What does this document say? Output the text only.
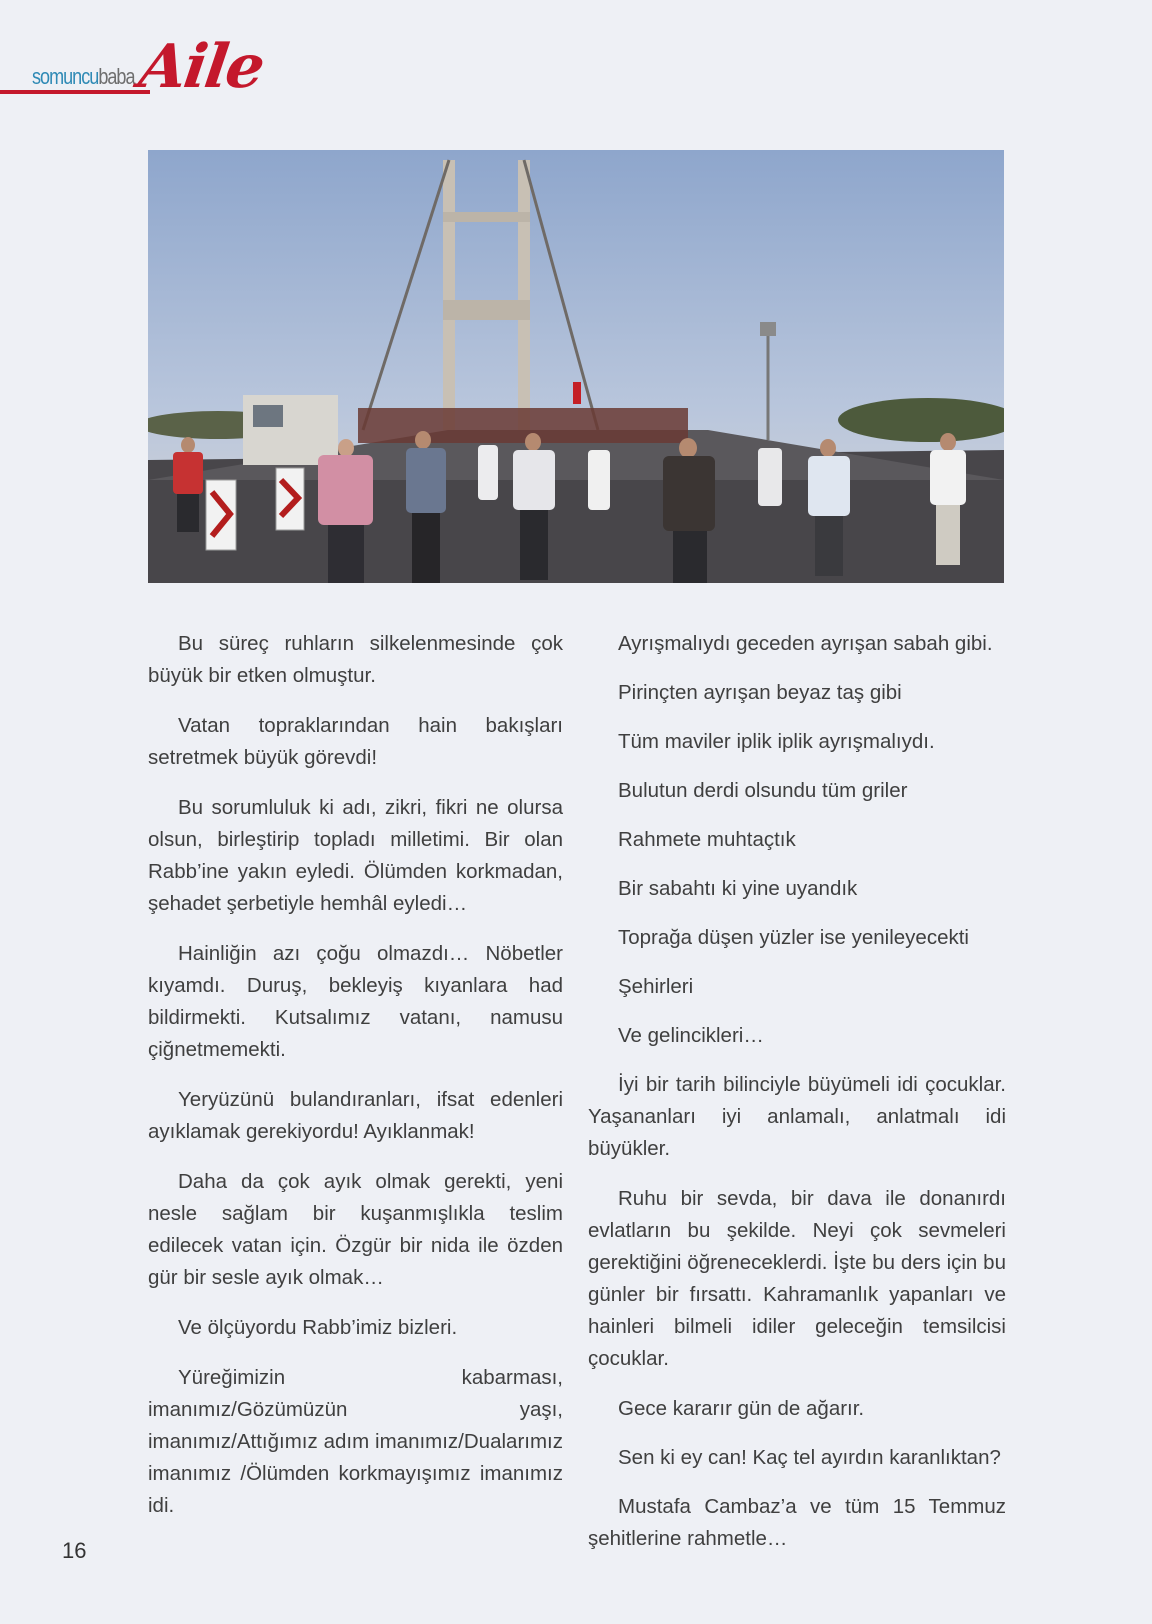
somuncubaba Aile

Bu süreç ruhların silkelenmesinde çok büyük bir etken olmuştur.

Vatan topraklarından hain bakışları setretmek büyük görevdi!

Bu sorumluluk ki adı, zikri, fikri ne olursa olsun, birleştirip topladı milletimi. Bir olan Rabb’ine yakın eyledi. Ölümden korkmadan, şehadet şerbetiyle hemhâl eyledi…

Hainliğin azı çoğu olmazdı… Nöbetler kıyamdı. Duruş, bekleyiş kıyanlara had bildirmekti. Kutsalımız vatanı, namusu çiğnetmemekti.

Yeryüzünü bulandıranları, ifsat edenleri ayıklamak gerekiyordu! Ayıklanmak!

Daha da çok ayık olmak gerekti, yeni nesle sağlam bir kuşanmışlıkla teslim edilecek vatan için. Özgür bir nida ile özden gür bir sesle ayık olmak…

Ve ölçüyordu Rabb’imiz bizleri.

Yüreğimizin kabarması, imanımız/Gözümüzün yaşı, imanımız/Attığımız adım imanımız/Dualarımız imanımız /Ölümden korkmayışımız imanımız idi.

Ayrışmalıydı geceden ayrışan sabah gibi.

Pirinçten ayrışan beyaz taş gibi

Tüm maviler iplik iplik ayrışmalıydı.

Bulutun derdi olsundu tüm griler

Rahmete muhtaçtık

Bir sabahtı ki yine uyandık

Toprağa düşen yüzler ise yenileyecekti

Şehirleri

Ve gelincikleri…

İyi bir tarih bilinciyle büyümeli idi çocuklar. Yaşananları iyi anlamalı, anlatmalı idi büyükler.

Ruhu bir sevda, bir dava ile donanırdı evlatların bu şekilde. Neyi çok sevmeleri gerektiğini öğreneceklerdi. İşte bu ders için bu günler bir fırsattı. Kahramanlık yapanları ve hainleri bilmeli idiler geleceğin temsilcisi çocuklar.

Gece kararır gün de ağarır.

Sen ki ey can! Kaç tel ayırdın karanlıktan?

Mustafa Cambaz’a ve tüm 15 Temmuz şehitlerine rahmetle…

16
